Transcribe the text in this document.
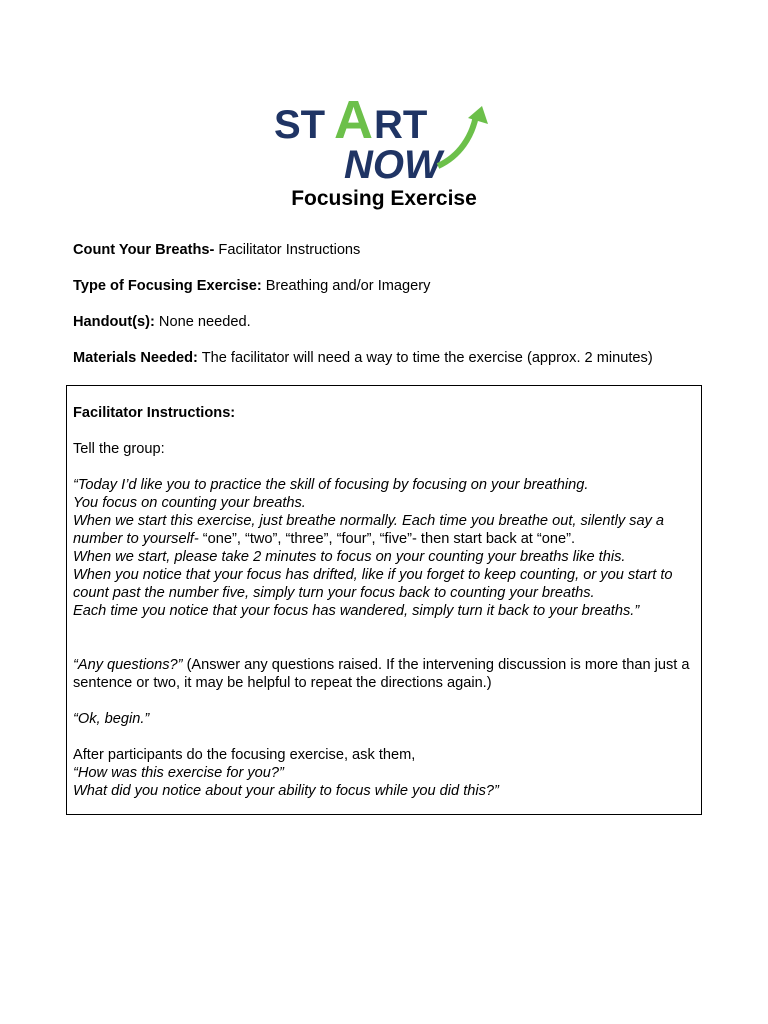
ST A RT
NOW
Focusing Exercise
Count Your Breaths- Facilitator Instructions
Type of Focusing Exercise: Breathing and/or Imagery
Handout(s): None needed.
Materials Needed: The facilitator will need a way to time the exercise (approx. 2 minutes)

Facilitator Instructions:

Tell the group:

“Today I’d like you to practice the skill of focusing by focusing on your breathing.

You focus on counting your breaths.

When we start this exercise, just breathe normally. Each time you breathe out, silently say a number to yourself- “one”, “two”, “three”, “four”, “five”- then start back at “one”.

When we start, please take 2 minutes to focus on your counting your breaths like this.

When you notice that your focus has drifted, like if you forget to keep counting, or you start to count past the number five, simply turn your focus back to counting your breaths.

Each time you notice that your focus has wandered, simply turn it back to your breaths.”

“Any questions?” (Answer any questions raised. If the intervening discussion is more than just a sentence or two, it may be helpful to repeat the directions again.)

“Ok, begin.”

After participants do the focusing exercise, ask them,

“How was this exercise for you?”

What did you notice about your ability to focus while you did this?”
